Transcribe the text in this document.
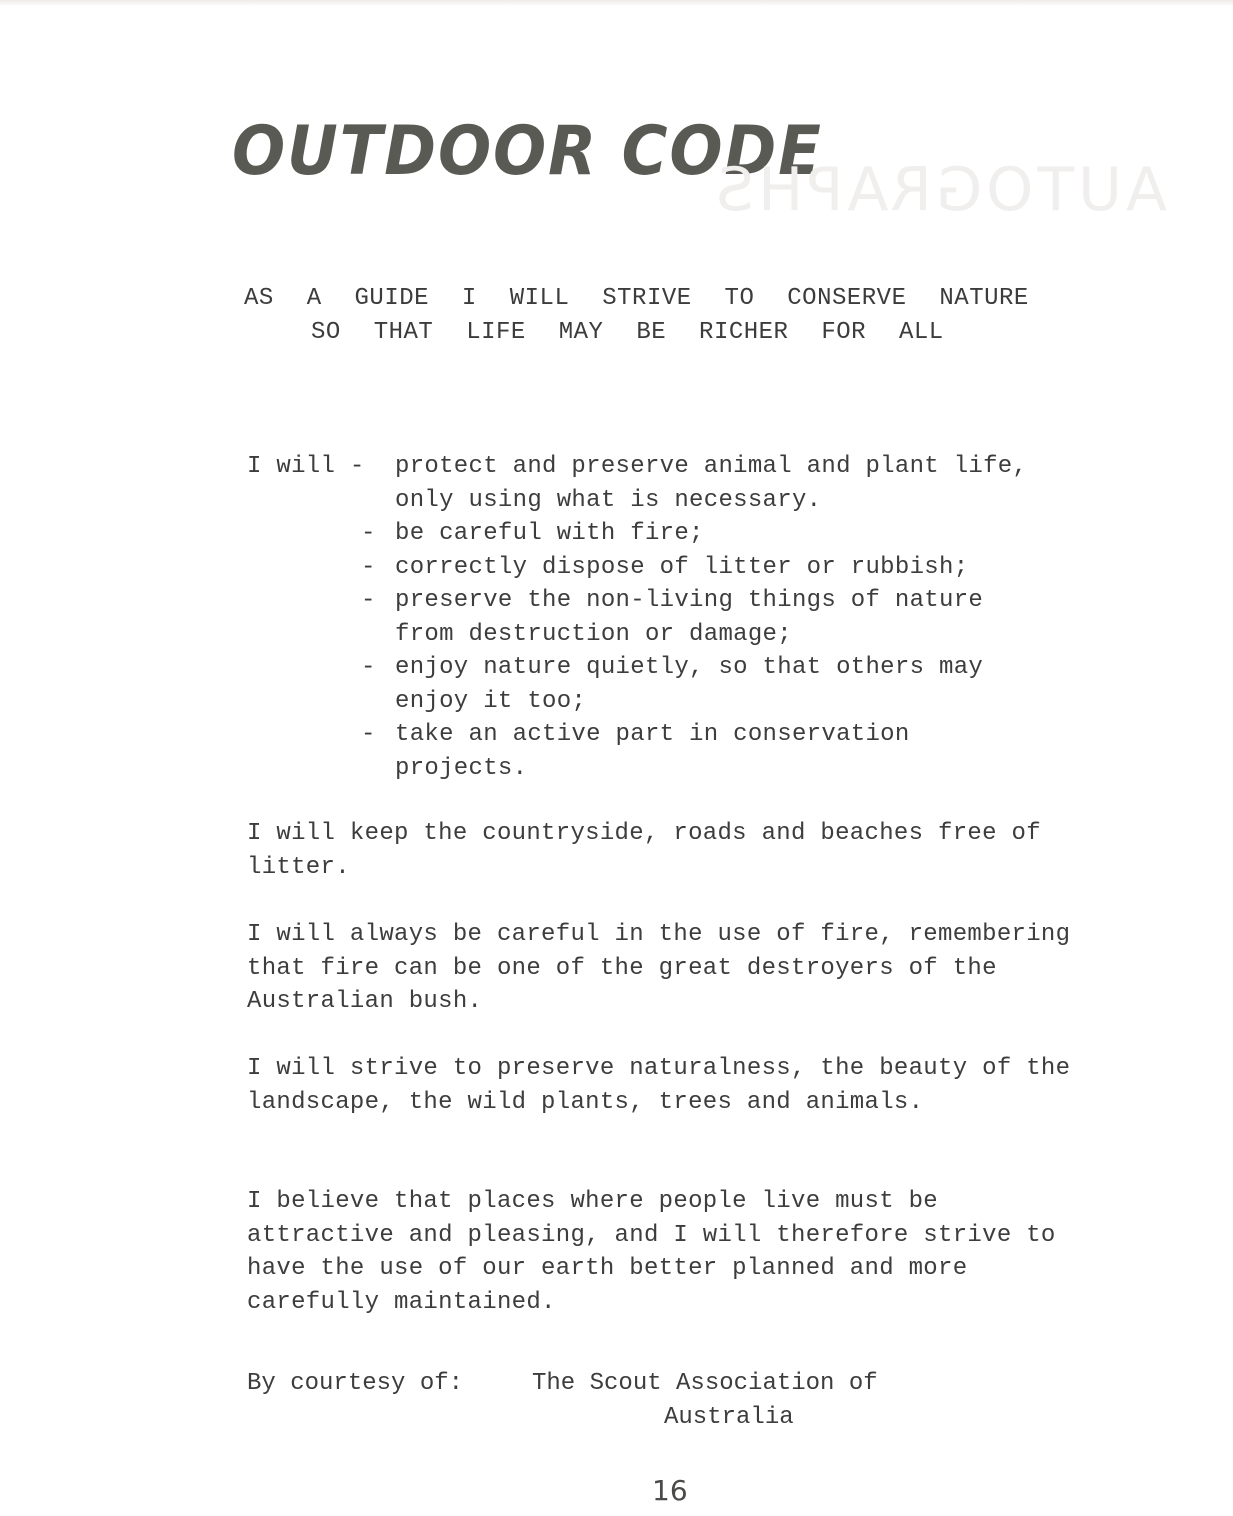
OUTDOOR CODE
AUTOGRAPHS

AS A GUIDE I WILL STRIVE TO CONSERVE NATURE
SO THAT LIFE MAY BE RICHER FOR ALL

I will -	protect and preserve animal and plant life, only using what is necessary.
- be careful with fire;
- correctly dispose of litter or rubbish;
- preserve the non-living things of nature from destruction or damage;
- enjoy nature quietly, so that others may enjoy it too;
- take an active part in conservation projects.
I will keep the countryside, roads and beaches free of litter.
I will always be careful in the use of fire, remembering that fire can be one of the great destroyers of the Australian bush.
I will strive to preserve naturalness, the beauty of the landscape, the wild plants, trees and animals.
I believe that places where people live must be attractive and pleasing, and I will therefore strive to have the use of our earth better planned and more carefully maintained.
By courtesy of:	The Scout Association of
Australia
16
